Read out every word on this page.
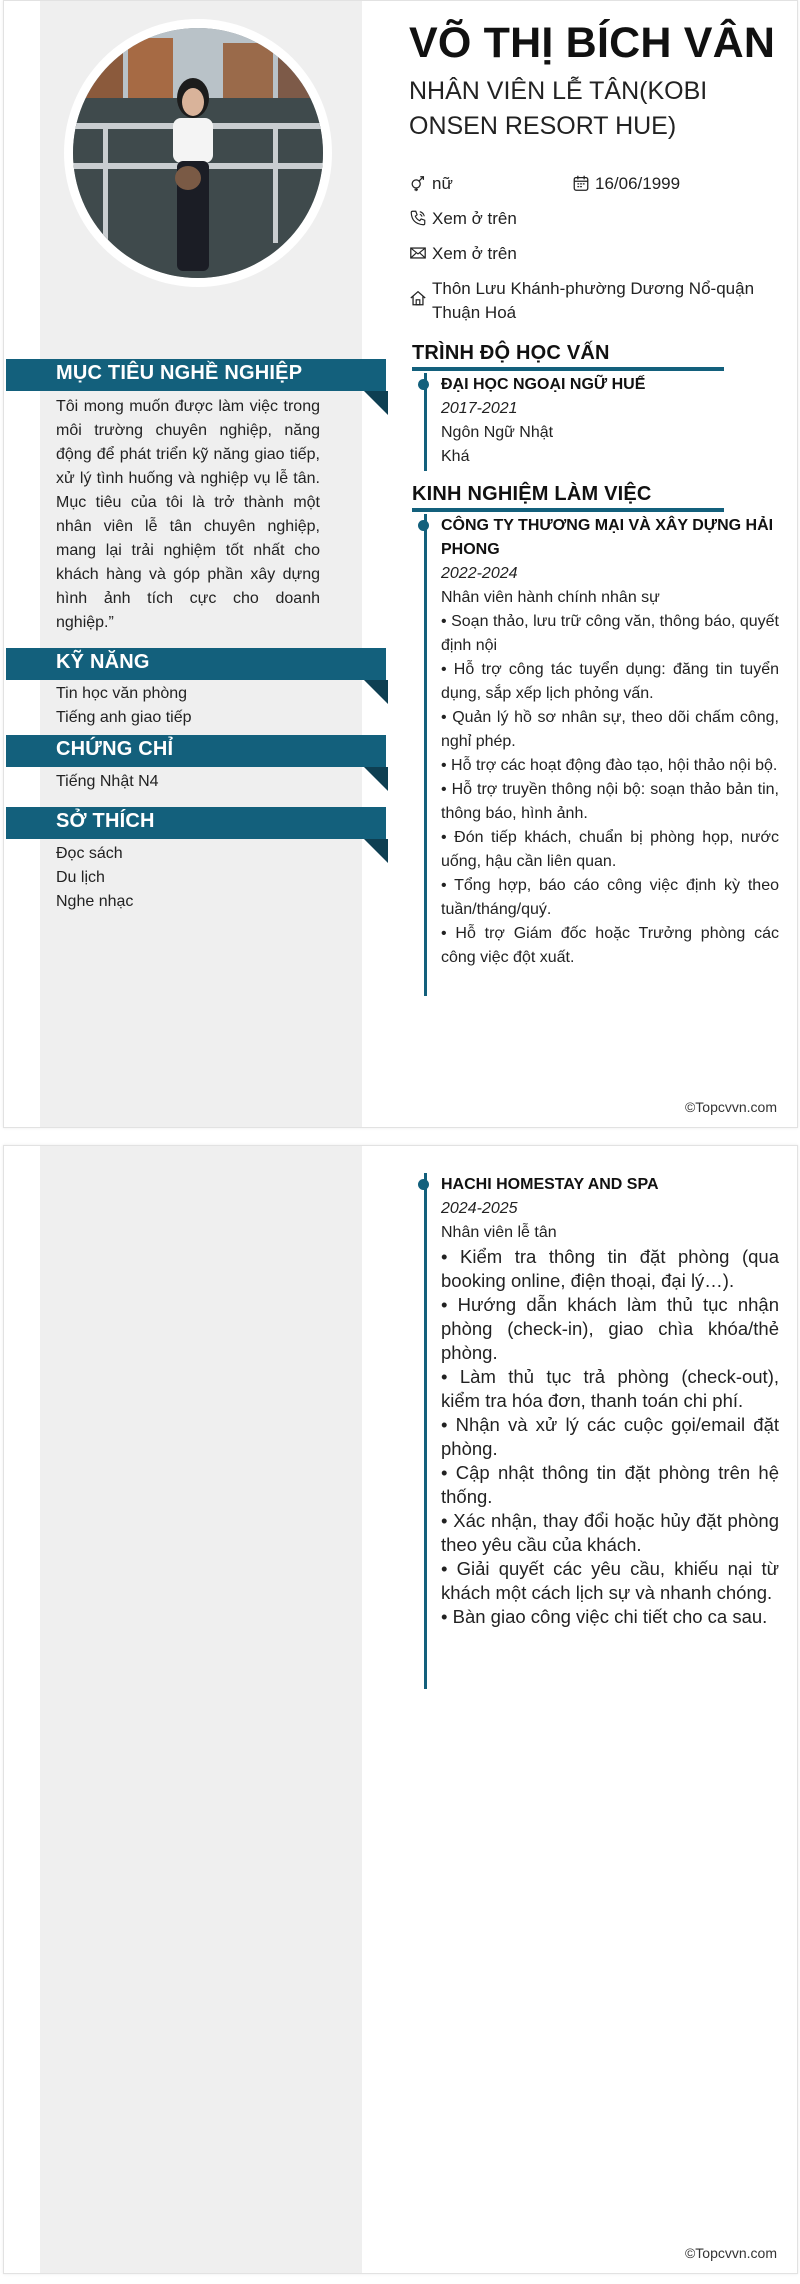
VÕ THỊ BÍCH VÂN
NHÂN VIÊN LỄ TÂN(KOBI ONSEN RESORT HUE)
nữ	16/06/1999
Xem ở trên
Xem ở trên
Thôn Lưu Khánh-phường Dương Nổ-quận Thuận Hoá
MỤC TIÊU NGHỀ NGHIỆP
Tôi mong muốn được làm việc trong môi trường chuyên nghiệp, năng động để phát triển kỹ năng giao tiếp, xử lý tình huống và nghiệp vụ lễ tân. Mục tiêu của tôi là trở thành một nhân viên lễ tân chuyên nghiệp, mang lại trải nghiệm tốt nhất cho khách hàng và góp phần xây dựng hình ảnh tích cực cho doanh nghiệp.”
KỸ NĂNG
Tin học văn phòng
Tiếng anh giao tiếp
CHỨNG CHỈ
Tiếng Nhật N4
SỞ THÍCH
Đọc sách
Du lịch
Nghe nhạc
TRÌNH ĐỘ HỌC VẤN
ĐẠI HỌC NGOẠI NGỮ HUẾ
2017-2021
Ngôn Ngữ Nhật
Khá
KINH NGHIỆM LÀM VIỆC
CÔNG TY THƯƠNG MẠI VÀ XÂY DỰNG HẢI PHONG
2022-2024
Nhân viên hành chính nhân sự
• Soạn thảo, lưu trữ công văn, thông báo, quyết định nội
• Hỗ trợ công tác tuyển dụng: đăng tin tuyển dụng, sắp xếp lịch phỏng vấn.
• Quản lý hồ sơ nhân sự, theo dõi chấm công, nghỉ phép.
• Hỗ trợ các hoạt động đào tạo, hội thảo nội bộ.
• Hỗ trợ truyền thông nội bộ: soạn thảo bản tin, thông báo, hình ảnh.
• Đón tiếp khách, chuẩn bị phòng họp, nước uống, hậu cần liên quan.
• Tổng hợp, báo cáo công việc định kỳ theo tuần/tháng/quý.
• Hỗ trợ Giám đốc hoặc Trưởng phòng các công việc đột xuất.
©Topcvvn.com
HACHI HOMESTAY AND SPA
2024-2025
Nhân viên lễ tân
• Kiểm tra thông tin đặt phòng (qua booking online, điện thoại, đại lý…).
• Hướng dẫn khách làm thủ tục nhận phòng (check-in), giao chìa khóa/thẻ phòng.
• Làm thủ tục trả phòng (check-out), kiểm tra hóa đơn, thanh toán chi phí.
• Nhận và xử lý các cuộc gọi/email đặt phòng.
• Cập nhật thông tin đặt phòng trên hệ thống.
• Xác nhận, thay đổi hoặc hủy đặt phòng theo yêu cầu của khách.
• Giải quyết các yêu cầu, khiếu nại từ khách một cách lịch sự và nhanh chóng.
• Bàn giao công việc chi tiết cho ca sau.
©Topcvvn.com
